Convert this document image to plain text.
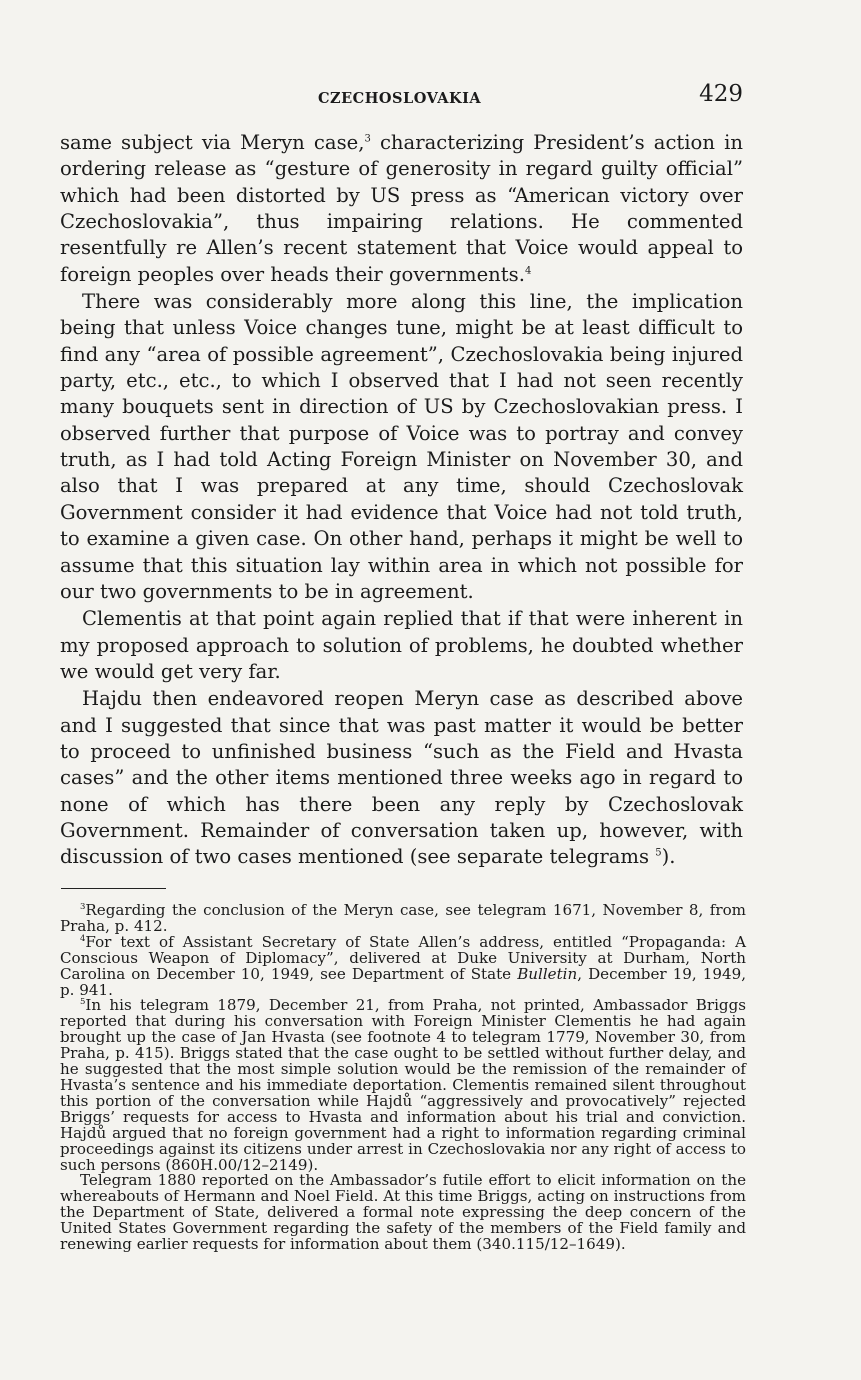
CZECHOSLOVAKIA	429

same subject via Meryn case,$^3$ characterizing President’s action in ordering release as “gesture of generosity in regard guilty official” which had been distorted by US press as “American victory over Czechoslovakia”, thus impairing relations. He commented resentfully re Allen’s recent statement that Voice would appeal to foreign peoples over heads their governments.$^4$

There was considerably more along this line, the implication being that unless Voice changes tune, might be at least difficult to find any “area of possible agreement”, Czechoslovakia being injured party, etc., etc., to which I observed that I had not seen recently many bouquets sent in direction of US by Czechoslovakian press. I observed further that purpose of Voice was to portray and convey truth, as I had told Acting Foreign Minister on November 30, and also that I was prepared at any time, should Czechoslovak Government consider it had evidence that Voice had not told truth, to examine a given case. On other hand, perhaps it might be well to assume that this situation lay within area in which not possible for our two governments to be in agreement.

Clementis at that point again replied that if that were inherent in my proposed approach to solution of problems, he doubted whether we would get very far.

Hajdu then endeavored reopen Meryn case as described above and I suggested that since that was past matter it would be better to proceed to unfinished business “such as the Field and Hvasta cases” and the other items mentioned three weeks ago in regard to none of which has there been any reply by Czechoslovak Government. Remainder of conversation taken up, however, with discussion of two cases mentioned (see separate telegrams $^5$).

$^3$Regarding the conclusion of the Meryn case, see telegram 1671, November 8, from Praha, p. 412.

$^4$For text of Assistant Secretary of State Allen’s address, entitled “Propaganda: A Conscious Weapon of Diplomacy”, delivered at Duke University at Durham, North Carolina on December 10, 1949, see Department of State Bulletin, December 19, 1949, p. 941.

$^5$In his telegram 1879, December 21, from Praha, not printed, Ambassador Briggs reported that during his conversation with Foreign Minister Clementis he had again brought up the case of Jan Hvasta (see footnote 4 to telegram 1779, November 30, from Praha, p. 415). Briggs stated that the case ought to be settled without further delay, and he suggested that the most simple solution would be the remission of the remainder of Hvasta’s sentence and his immediate deportation. Clementis remained silent throughout this portion of the conversation while Hajdů “aggressively and provocatively” rejected Briggs’ requests for access to Hvasta and information about his trial and conviction. Hajdů argued that no foreign government had a right to information regarding criminal proceedings against its citizens under arrest in Czechoslovakia nor any right of access to such persons (860H.00/12–2149).

Telegram 1880 reported on the Ambassador’s futile effort to elicit information on the whereabouts of Hermann and Noel Field. At this time Briggs, acting on instructions from the Department of State, delivered a formal note expressing the deep concern of the United States Government regarding the safety of the members of the Field family and renewing earlier requests for information about them (340.115/12–1649).
